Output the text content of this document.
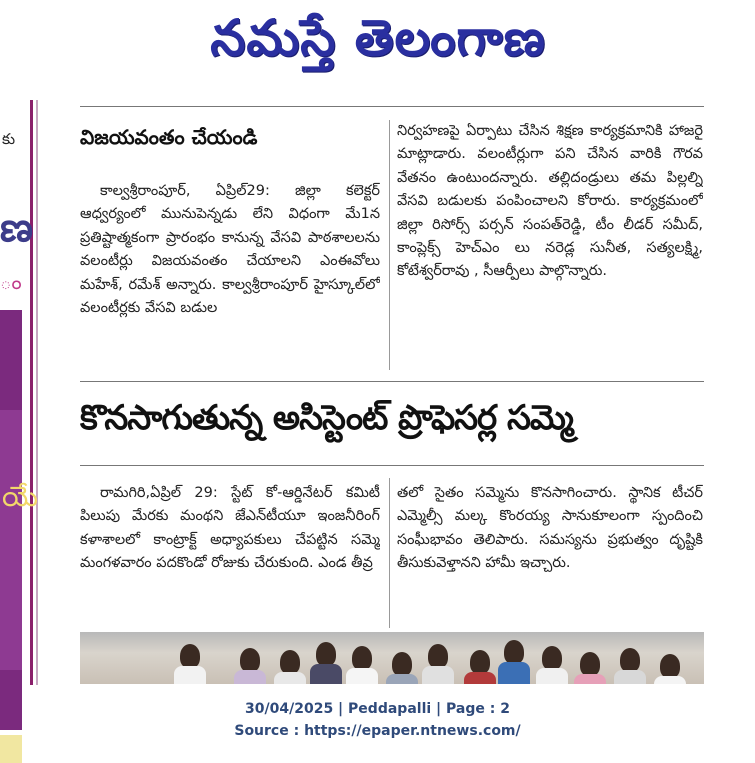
నమస్తే తెలంగాణ
కు
ణ
ం
యే
విజయవంతం చేయండి

కాల్వశ్రీరాంపూర్, ఏప్రిల్29: జిల్లా కలెక్టర్ ఆధ్వర్యంలో మునుపెన్నడు లేని విధంగా మే1న ప్రతిష్టాత్మకంగా ప్రారంభం కానున్న వేసవి పాఠశాలలను వలంటీర్లు విజయవంతం చేయాలని ఎంఈవోలు మహేశ్, రమేశ్ అన్నారు. కాల్వశ్రీరాంపూర్ హైస్కూల్‌లో వలంటీర్లకు వేసవి బడుల

నిర్వహణపై ఏర్పాటు చేసిన శిక్షణ కార్యక్రమానికి హాజరై మాట్లాడారు. వలంటీర్లుగా పని చేసిన వారికి గౌరవ వేతనం ఉంటుందన్నారు. తల్లిదండ్రులు తమ పిల్లల్ని వేసవి బడులకు పంపించాలని కోరారు. కార్యక్రమంలో జిల్లా రిసోర్స్ పర్సన్ సంపత్‌రెడ్డి, టీం లీడర్ సమీద్, కాంప్లెక్స్ హెచ్‌ఎం లు నరెడ్ల సునీత, సత్యలక్ష్మి, కోటేశ్వర్‌రావు , సీఆర్పీలు పాల్గొన్నారు.

కొనసాగుతున్న అసిస్టెంట్ ప్రొఫెసర్ల సమ్మె

రామగిరి,ఏప్రిల్ 29: స్టేట్ కో-ఆర్డినేటర్ కమిటీ పిలుపు మేరకు మంథని జేఎన్‌టీయూ ఇంజనీరింగ్ కళాశాలలో కాంట్రాక్ట్ అధ్యాపకులు చేపట్టిన సమ్మె మంగళవారం పదకొండో రోజుకు చేరుకుంది. ఎండ తీవ్ర

తలో సైతం సమ్మెను కొనసాగించారు. స్థానిక టీచర్ ఎమ్మెల్సీ మల్క కొంరయ్య సానుకూలంగా స్పందించి సంఘీభావం తెలిపారు. సమస్యను ప్రభుత్వం దృష్టికి తీసుకువెళ్తానని హామీ ఇచ్చారు.

30/04/2025 | Peddapalli | Page : 2
Source : https://epaper.ntnews.com/
